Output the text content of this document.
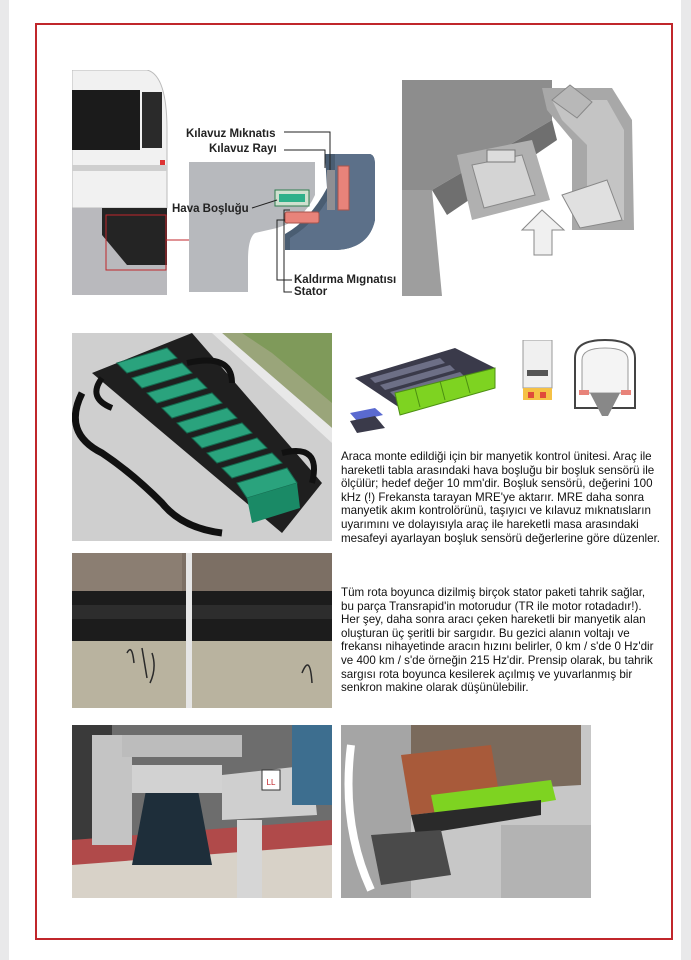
Kılavuz Mıknatıs
Kılavuz Rayı
Hava Boşluğu
Kaldırma Mıgnatısı
Stator

Araca monte edildiği için bir manyetik kontrol ünitesi. Araç ile hareketli tabla arasındaki hava boşluğu bir boşluk sensörü ile ölçülür; hedef değer 10 mm'dir. Boşluk sensörü, değerini 100 kHz (!) Frekansta tarayan MRE'ye aktarır. MRE daha sonra manyetik akım kontrolörünü, taşıyıcı ve kılavuz mıknatısların uyarımını ve dolayısıyla araç ile hareketli masa arasındaki mesafeyi ayarlayan boşluk sensörü değerlerine göre düzenler.

Tüm rota boyunca dizilmiş birçok stator paketi tahrik sağlar, bu parça Transrapid'in motorudur (TR ile motor rotadadır!). Her şey, daha sonra aracı çeken hareketli bir manyetik alan oluşturan üç şeritli bir sargıdır. Bu gezici alanın voltajı ve frekansı nihayetinde aracın hızını belirler, 0 km / s'de 0 Hz'dir ve 400 km / s'de örneğin 215 Hz'dir. Prensip olarak, bu tahrik sargısı rota boyunca kesilerek açılmış ve yuvarlanmış bir senkron makine olarak düşünülebilir.

LL
